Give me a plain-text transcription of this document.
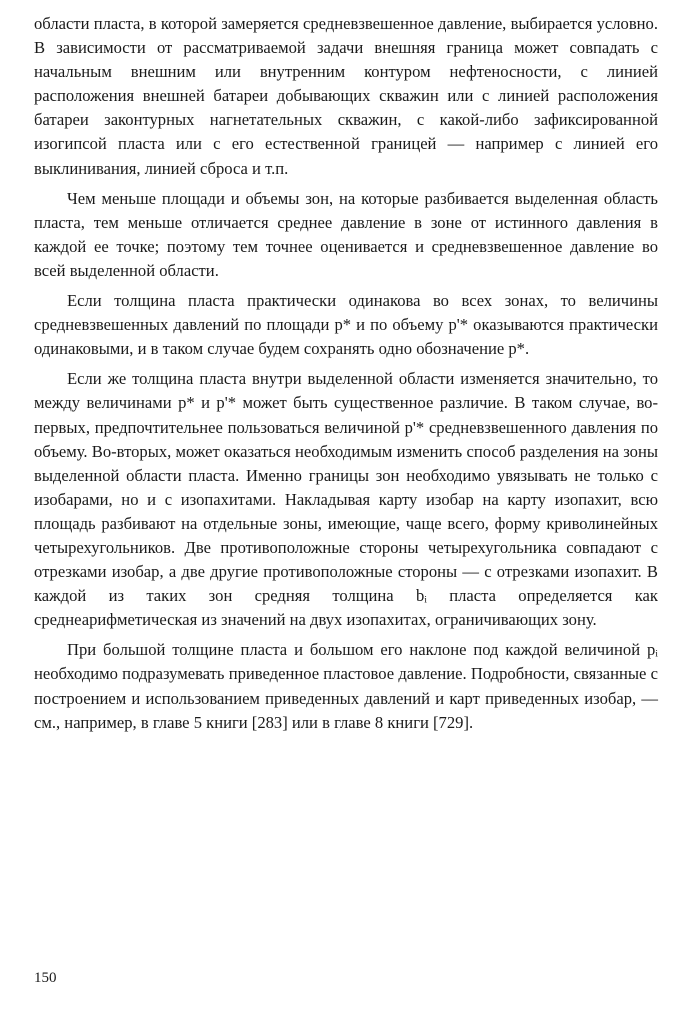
области пласта, в которой замеряется средневзвешенное давление, выбирается условно. В зависимости от рассматриваемой задачи внешняя граница может совпадать с начальным внешним или внутренним контуром нефтеносности, с линией расположения внешней батареи добывающих скважин или с линией расположения батареи законтурных нагнетательных скважин, с какой-либо зафиксированной изогипсой пласта или с его естественной границей — например с линией его выклинивания, линией сброса и т.п.

Чем меньше площади и объемы зон, на которые разбивается выделенная область пласта, тем меньше отличается среднее давление в зоне от истинного давления в каждой ее точке; поэтому тем точнее оценивается и средневзвешенное давление во всей выделенной области.

Если толщина пласта практически одинакова во всех зонах, то величины средневзвешенных давлений по площади p* и по объему p'* оказываются практически одинаковыми, и в таком случае будем сохранять одно обозначение p*.

Если же толщина пласта внутри выделенной области изменяется значительно, то между величинами p* и p'* может быть существенное различие. В таком случае, во-первых, предпочтительнее пользоваться величиной p'* средневзвешенного давления по объему. Во-вторых, может оказаться необходимым изменить способ разделения на зоны выделенной области пласта. Именно границы зон необходимо увязывать не только с изобарами, но и с изопахитами. Накладывая карту изобар на карту изопахит, всю площадь разбивают на отдельные зоны, имеющие, чаще всего, форму криволинейных четырехугольников. Две противоположные стороны четырехугольника совпадают с отрезками изобар, а две другие противоположные стороны — с отрезками изопахит. В каждой из таких зон средняя толщина bᵢ пласта определяется как среднеарифметическая из значений на двух изопахитах, ограничивающих зону.

При большой толщине пласта и большом его наклоне под каждой величиной pᵢ необходимо подразумевать приведенное пластовое давление. Подробности, связанные с построением и использованием приведенных давлений и карт приведенных изобар, — см., например, в главе 5 книги [283] или в главе 8 книги [729].

150
